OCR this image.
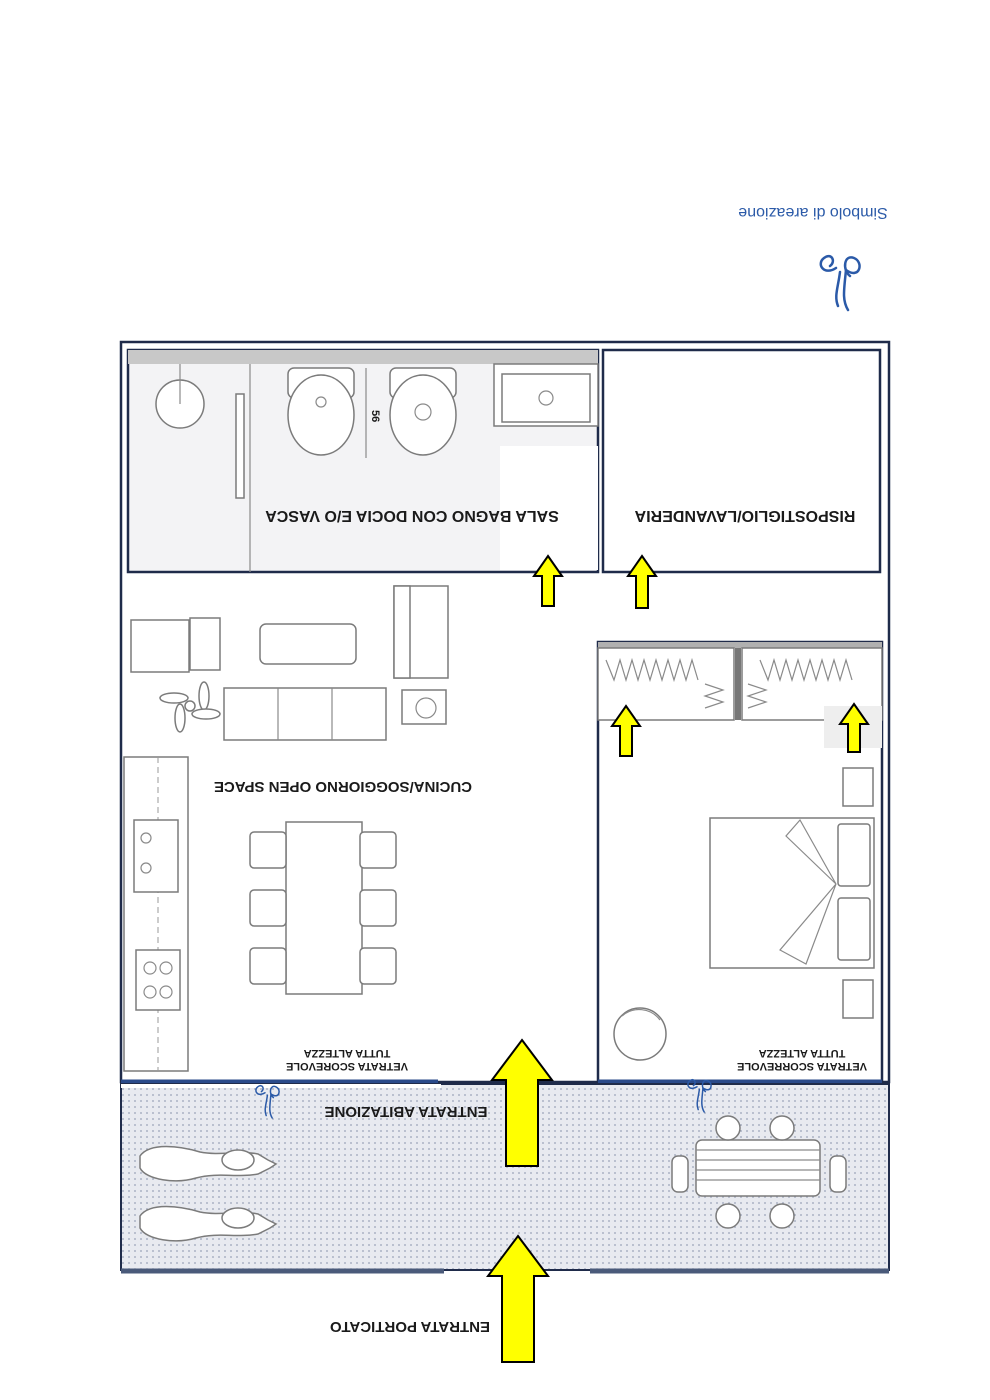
Simbolo di areazione
56
SALA BAGNO CON DOCIA E/O VASCA	RISPOSTIGLIO/LAVANDERIA
VETRATA SCORREVOLE
TUTTA ALTEZZA
CUCINA/SOGGIORNO OPEN SPACE
VETRATA SCOREVOLE
TUTTA ALTEZZA
ENTRATA ABITAZIONE
ENTRATA PORTICATO
